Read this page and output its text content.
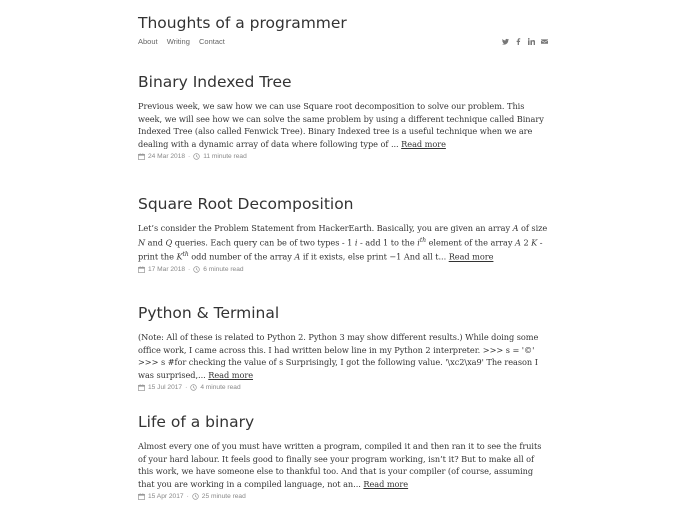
Thoughts of a programmer
About Writing Contact
Binary Indexed Tree

Previous week, we saw how we can use Square root decomposition to solve our problem. This week, we will see how we can solve the same problem by using a different technique called Binary Indexed Tree (also called Fenwick Tree). Binary Indexed tree is a useful technique when we are dealing with a dynamic array of data where following type of ... Read more

24 Mar 2018 · 11 minute read
Square Root Decomposition

Let’s consider the Problem Statement from HackerEarth. Basically, you are given an array A of size N and Q queries. Each query can be of two types - 1 i - add 1 to the $i^{th}$ element of the array A 2 K - print the $K^{th}$ odd number of the array A if it exists, else print −1 And all t... Read more

17 Mar 2018 · 6 minute read
Python & Terminal

(Note: All of these is related to Python 2. Python 3 may show different results.) While doing some office work, I came across this. I had written below line in my Python 2 interpreter. >>> s = '©' >>> s #for checking the value of s Surprisingly, I got the following value. '\xc2\xa9' The reason I was surprised,... Read more

15 Jul 2017 · 4 minute read
Life of a binary

Almost every one of you must have written a program, compiled it and then ran it to see the fruits of your hard labour. It feels good to finally see your program working, isn’t it? But to make all of this work, we have someone else to thankful too. And that is your compiler (of course, assuming that you are working in a compiled language, not an... Read more

15 Apr 2017 · 25 minute read
